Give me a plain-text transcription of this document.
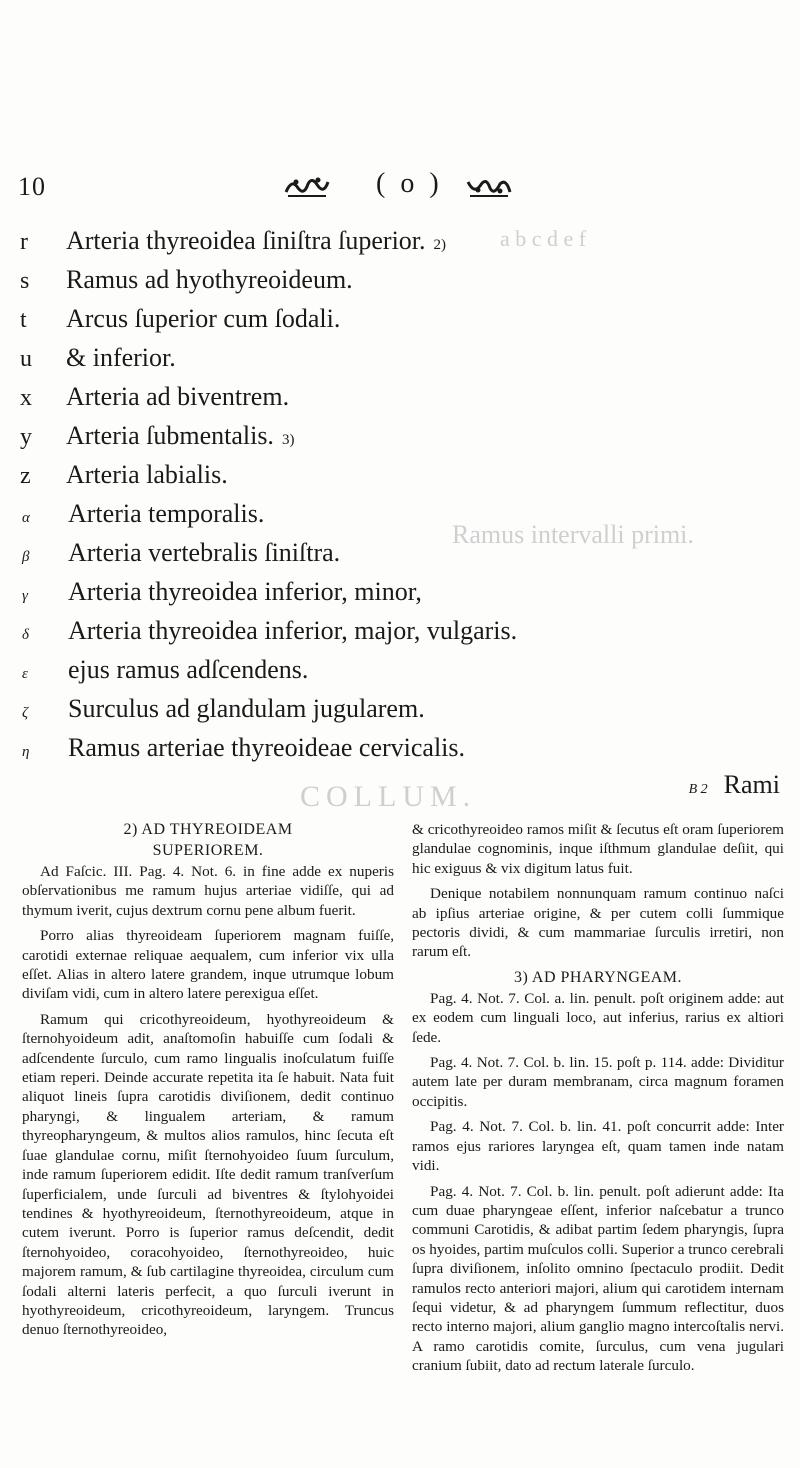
a b c d e f
Ramus intervalli primi.
COLLUM.
10	( o )
r	Arteria thyreoidea ſiniſtra ſuperior. 2)
s	Ramus ad hyothyreoideum.
t	Arcus ſuperior cum ſodali.
u	& inferior.
x	Arteria ad biventrem.
y	Arteria ſubmentalis. 3)
z	Arteria labialis.
α	Arteria temporalis.
β	Arteria vertebralis ſiniſtra.
γ	Arteria thyreoidea inferior, minor,
δ	Arteria thyreoidea inferior, major, vulgaris.
ε	ejus ramus adſcendens.
ζ	Surculus ad glandulam jugularem.
η	Ramus arteriae thyreoideae cervicalis.
B 2 Rami
2) AD THYREOIDEAM
SUPERIOREM.

Ad Faſcic. III. Pag. 4. Not. 6. in fine adde ex nuperis obſervationibus me ramum hujus arteriae vidiſſe, qui ad thymum iverit, cujus dextrum cornu pene album fuerit.

Porro alias thyreoideam ſuperiorem magnam fuiſſe, carotidi externae reliquae aequalem, cum inferior vix ulla eſſet. Alias in altero latere grandem, inque utrumque lobum diviſam vidi, cum in altero latere perexigua eſſet.

Ramum qui cricothyreoideum, hyothyreoideum & ſternohyoideum adit, anaſtomoſin habuiſſe cum ſodali & adſcendente ſurculo, cum ramo lingualis inoſculatum fuiſſe etiam reperi. Deinde accurate repetita ita ſe habuit. Nata fuit aliquot lineis ſupra carotidis diviſionem, dedit continuo pharyngi, & lingualem arteriam, & ramum thyreopharyngeum, & multos alios ramulos, hinc ſecuta eſt ſuae glandulae cornu, miſit ſternohyoideo ſuum ſurculum, inde ramum ſuperiorem edidit. Iſte dedit ramum tranſverſum ſuperficialem, unde ſurculi ad biventres & ſtylohyoidei tendines & hyothyreoideum, ſternothyreoideum, atque in cutem iverunt. Porro is ſuperior ramus deſcendit, dedit ſternohyoideo, coracohyoideo, ſternothyreoideo, huic majorem ramum, & ſub cartilagine thyreoidea, circulum cum ſodali alterni lateris perfecit, a quo ſurculi iverunt in hyothyreoideum, cricothyreoideum, laryngem. Truncus denuo ſternothyreoideo,

& cricothyreoideo ramos miſit & ſecutus eſt oram ſuperiorem glandulae cognominis, inque iſthmum glandulae deſiit, qui hic exiguus & vix digitum latus fuit.

Denique notabilem nonnunquam ramum continuo naſci ab ipſius arteriae origine, & per cutem colli ſummique pectoris dividi, & cum mammariae ſurculis irretiri, non rarum eſt.

3) AD PHARYNGEAM.

Pag. 4. Not. 7. Col. a. lin. penult. poſt originem adde: aut ex eodem cum linguali loco, aut inferius, rarius ex altiori ſede.

Pag. 4. Not. 7. Col. b. lin. 15. poſt p. 114. adde: Dividitur autem late per duram membranam, circa magnum foramen occipitis.

Pag. 4. Not. 7. Col. b. lin. 41. poſt concurrit adde: Inter ramos ejus rariores laryngea eſt, quam tamen inde natam vidi.

Pag. 4. Not. 7. Col. b. lin. penult. poſt adierunt adde: Ita cum duae pharyngeae eſſent, inferior naſcebatur a trunco communi Carotidis, & adibat partim ſedem pharyngis, ſupra os hyoides, partim muſculos colli. Superior a trunco cerebrali ſupra diviſionem, inſolito omnino ſpectaculo prodiit. Dedit ramulos recto anteriori majori, alium qui carotidem internam ſequi videtur, & ad pharyngem ſummum reflectitur, duos recto interno majori, alium ganglio magno intercoſtalis nervi. A ramo carotidis comite, ſurculus, cum vena jugulari cranium ſubiit, dato ad rectum laterale ſurculo.
